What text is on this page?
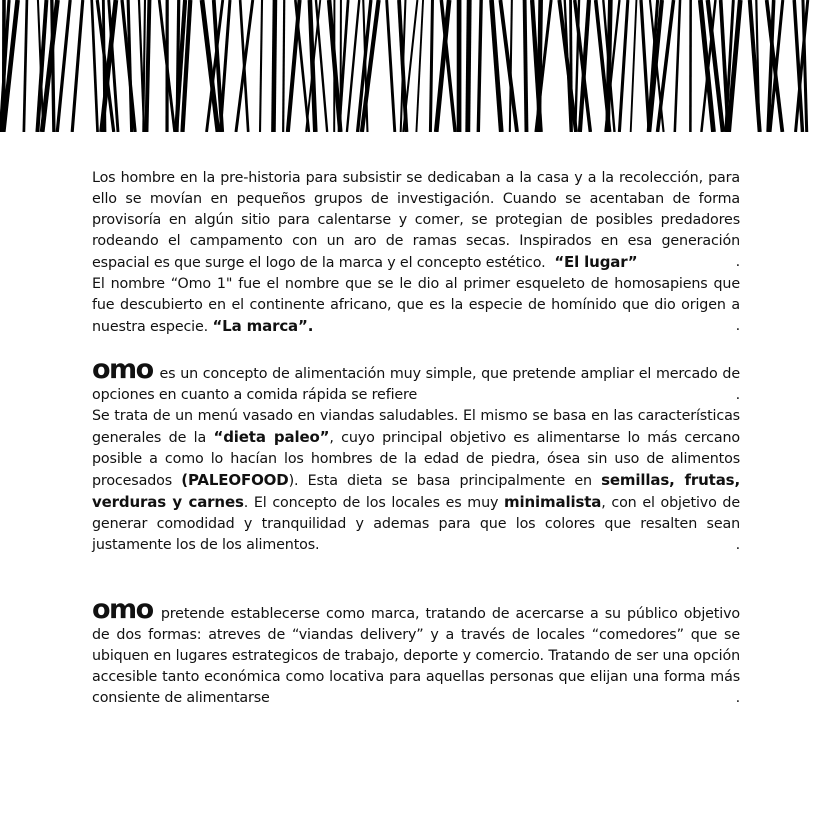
Los hombre en la pre-historia para subsistir se dedicaban a la casa y a la recolección, para ello se movían en pequeños grupos de investigación. Cuando se acentaban de forma provisoría en algún sitio para calentarse y comer, se protegian de posibles predadores rodeando el campamento con un aro de ramas secas. Inspirados en esa generación espacial es que surge el logo de la marca y el concepto estético. “El lugar”	.

El nombre “Omo 1" fue el nombre que se le dio al primer esqueleto de homosapiens que fue descubierto en el continente africano, que es la especie de homínido que dio origen a nuestra especie. “La marca”.	.

omo es un concepto de alimentación muy simple, que pretende ampliar el mercado de opciones en cuanto a comida rápida se refiere	.

Se trata de un menú vasado en viandas saludables. El mismo se basa en las características generales de la “dieta paleo”, cuyo principal objetivo es alimentarse lo más cercano posible a como lo hacían los hombres de la edad de piedra, ósea sin uso de alimentos procesados (PALEOFOOD). Esta dieta se basa principalmente en semillas, frutas, verduras y carnes. El concepto de los locales es muy minimalista, con el objetivo de generar comodidad y tranquilidad y ademas para que los colores que resalten sean justamente los de los alimentos.	.

omo pretende establecerse como marca, tratando de acercarse a su público objetivo de dos formas: atreves de “viandas delivery” y a través de locales “comedores” que se ubiquen en lugares estrategicos de trabajo, deporte y comercio. Tratando de ser una opción accesible tanto económica como locativa para aquellas personas que elijan una forma más consiente de alimentarse	.
